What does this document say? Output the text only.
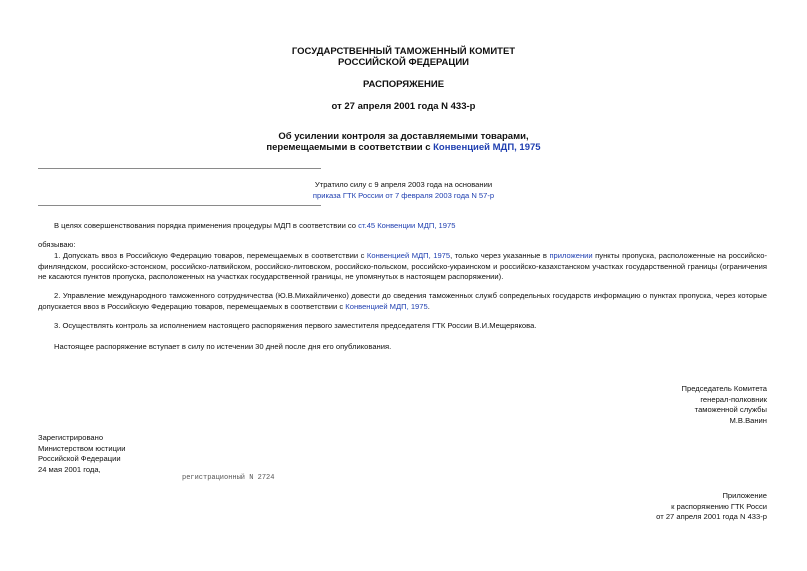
ГОСУДАРСТВЕННЫЙ ТАМОЖЕННЫЙ КОМИТЕТ
РОССИЙСКОЙ ФЕДЕРАЦИИ
РАСПОРЯЖЕНИЕ
от 27 апреля 2001 года N 433-р
Об усилении контроля за доставляемыми товарами,
перемещаемыми в соответствии с Конвенцией МДП, 1975
Утратило силу с 9 апреля 2003 года на основании
приказа ГТК России от 7 февраля 2003 года N 57-р
В целях совершенствования порядка применения процедуры МДП в соответствии со ст.45 Конвенции МДП, 1975
обязываю:
1. Допускать ввоз в Российскую Федерацию товаров, перемещаемых в соответствии с Конвенцией МДП, 1975, только через указанные в приложении пункты пропуска, расположенные на российско-финляндском, российско-эстонском, российско-латвийском, российско-литовском, российско-польском, российско-украинском и российско-казахстанском участках государственной границы (ограничения не касаются пунктов пропуска, расположенных на участках государственной границы, не упомянутых в настоящем распоряжении).
2. Управление международного таможенного сотрудничества (Ю.В.Михайличенко) довести до сведения таможенных служб сопредельных государств информацию о пунктах пропуска, через которые допускается ввоз в Российскую Федерацию товаров, перемещаемых в соответствии с Конвенцией МДП, 1975.
3. Осуществлять контроль за исполнением настоящего распоряжения первого заместителя председателя ГТК России В.И.Мещерякова.
Настоящее распоряжение вступает в силу по истечении 30 дней после дня его опубликования.
Председатель Комитета
генерал-полковник
таможенной службы
М.В.Ванин
Зарегистрировано
Министерством юстиции
Российской Федерации
24 мая 2001 года,
регистрационный N 2724
Приложение
к распоряжению ГТК Росси
от 27 апреля 2001 года N 433-р
